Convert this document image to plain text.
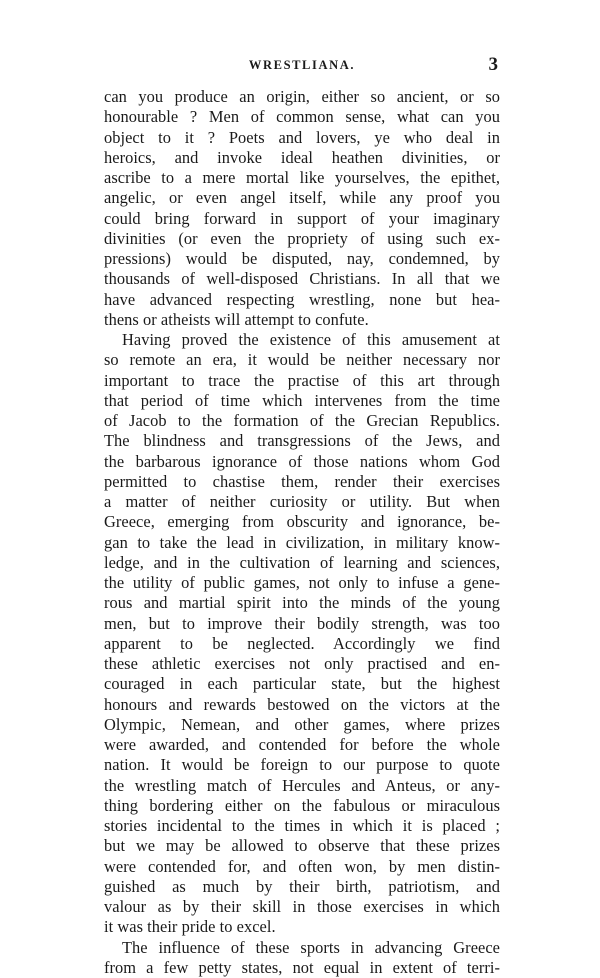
WRESTLIANA.	3
can you produce an origin, either so ancient, or so
honourable ? Men of common sense, what can you
object to it ? Poets and lovers, ye who deal in
heroics, and invoke ideal heathen divinities, or
ascribe to a mere mortal like yourselves, the epithet,
angelic, or even angel itself, while any proof you
could bring forward in support of your imaginary
divinities (or even the propriety of using such ex-
pressions) would be disputed, nay, condemned, by
thousands of well-disposed Christians. In all that we
have advanced respecting wrestling, none but hea-
thens or atheists will attempt to confute.
Having proved the existence of this amusement at
so remote an era, it would be neither necessary nor
important to trace the practise of this art through
that period of time which intervenes from the time
of Jacob to the formation of the Grecian Republics.
The blindness and transgressions of the Jews, and
the barbarous ignorance of those nations whom God
permitted to chastise them, render their exercises
a matter of neither curiosity or utility. But when
Greece, emerging from obscurity and ignorance, be-
gan to take the lead in civilization, in military know-
ledge, and in the cultivation of learning and sciences,
the utility of public games, not only to infuse a gene-
rous and martial spirit into the minds of the young
men, but to improve their bodily strength, was too
apparent to be neglected. Accordingly we find
these athletic exercises not only practised and en-
couraged in each particular state, but the highest
honours and rewards bestowed on the victors at the
Olympic, Nemean, and other games, where prizes
were awarded, and contended for before the whole
nation. It would be foreign to our purpose to quote
the wrestling match of Hercules and Anteus, or any-
thing bordering either on the fabulous or miraculous
stories incidental to the times in which it is placed ;
but we may be allowed to observe that these prizes
were contended for, and often won, by men distin-
guished as much by their birth, patriotism, and
valour as by their skill in those exercises in which
it was their pride to excel.
The influence of these sports in advancing Greece
from a few petty states, not equal in extent of terri-
